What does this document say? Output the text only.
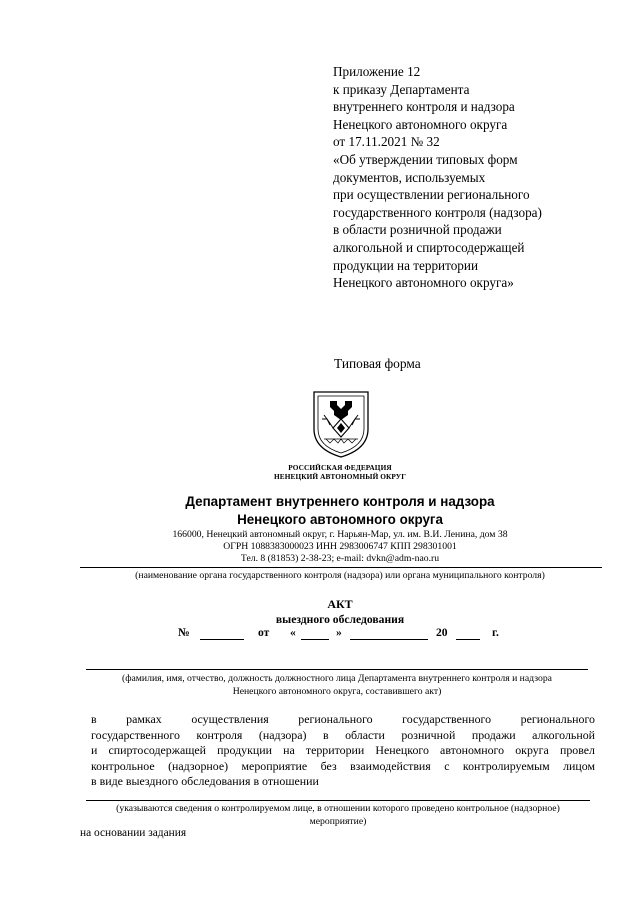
Приложение 12
к приказу Департамента
внутреннего контроля и надзора
Ненецкого автономного округа
от 17.11.2021 № 32
«Об утверждении типовых форм
документов, используемых
при осуществлении регионального
государственного контроля (надзора)
в области розничной продажи
алкогольной и спиртосодержащей
продукции на территории
Ненецкого автономного округа»
Типовая форма
РОССИЙСКАЯ ФЕДЕРАЦИЯ
НЕНЕЦКИЙ АВТОНОМНЫЙ ОКРУГ
Департамент внутреннего контроля и надзора
Ненецкого автономного округа
166000, Ненецкий автономный округ, г. Нарьян-Мар, ул. им. В.И. Ленина, дом 38
ОГРН 1088383000023 ИНН 2983006747 КПП 298301001
Тел. 8 (81853) 2-38-23; e-mail: dvkn@adm-nao.ru
(наименование органа государственного контроля (надзора) или органа муниципального контроля)
АКТ
выездного обследования
№	от «	»	20	г.
(фамилия, имя, отчество, должность должностного лица Департамента внутреннего контроля и надзора
Ненецкого автономного округа, составившего акт)
в рамках осуществления регионального государственного регионального
государственного контроля (надзора) в области розничной продажи алкогольной
и спиртосодержащей продукции на территории Ненецкого автономного округа провел
контрольное (надзорное) мероприятие без взаимодействия с контролируемым лицом
в виде выездного обследования в отношении
(указываются сведения о контролируемом лице, в отношении которого проведено контрольное (надзорное)
мероприятие)
на основании задания
